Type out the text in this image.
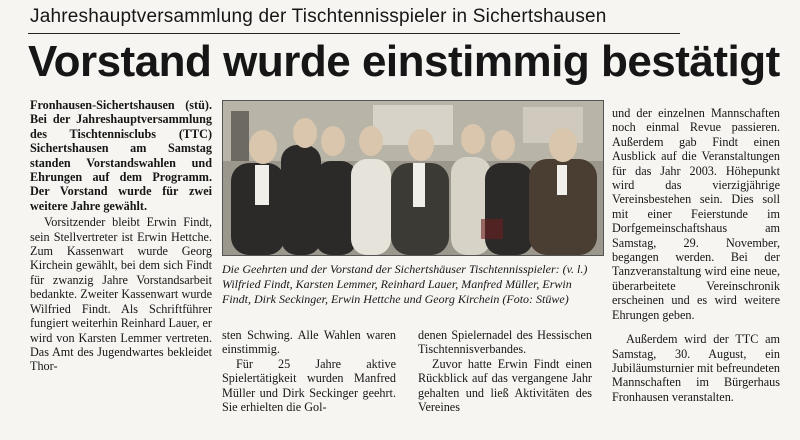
Jahreshauptversammlung der Tischtennisspieler in Sichertshausen
Vorstand wurde einstimmig bestätigt

Fronhausen-Sichertshausen (stü). Bei der Jahreshauptversammlung des Tischtennisclubs (TTC) Sichertshausen am Samstag standen Vorstandswahlen und Ehrungen auf dem Programm. Der Vorstand wurde für zwei weitere Jahre gewählt.

Vorsitzender bleibt Erwin Findt, sein Stellvertreter ist Erwin Hettche. Zum Kassenwart wurde Georg Kirchein gewählt, bei dem sich Findt für zwanzig Jahre Vorstandsarbeit bedankte. Zweiter Kassenwart wurde Wilfried Findt. Als Schriftführer fungiert weiterhin Reinhard Lauer, er wird von Karsten Lemmer vertreten. Das Amt des Jugendwartes bekleidet Thor-

Die Geehrten und der Vorstand der Sichertshäuser Tischtennisspieler: (v. l.) Wilfried Findt, Karsten Lemmer, Reinhard Lauer, Manfred Müller, Erwin Findt, Dirk Seckinger, Erwin Hettche und Georg Kirchein (Foto: Stüwe)

sten Schwing. Alle Wahlen waren einstimmig.

Für 25 Jahre aktive Spielertätigkeit wurden Manfred Müller und Dirk Seckinger geehrt. Sie erhielten die Gol-

denen Spielernadel des Hessischen Tischtennisverbandes.

Zuvor hatte Erwin Findt einen Rückblick auf das vergangene Jahr gehalten und ließ Aktivitäten des Vereines

und der einzelnen Mannschaften noch einmal Revue passieren. Außerdem gab Findt einen Ausblick auf die Veranstaltungen für das Jahr 2003. Höhepunkt wird das vierzigjährige Vereinsbestehen sein. Dies soll mit einer Feierstunde im Dorfgemeinschaftshaus am Samstag, 29. November, begangen werden. Bei der Tanzveranstaltung wird eine neue, überarbeitete Vereinschronik erscheinen und es wird weitere Ehrungen geben.

Außerdem wird der TTC am Samstag, 30. August, ein Jubiläumsturnier mit befreundeten Mannschaften im Bürgerhaus Fronhausen veranstalten.
